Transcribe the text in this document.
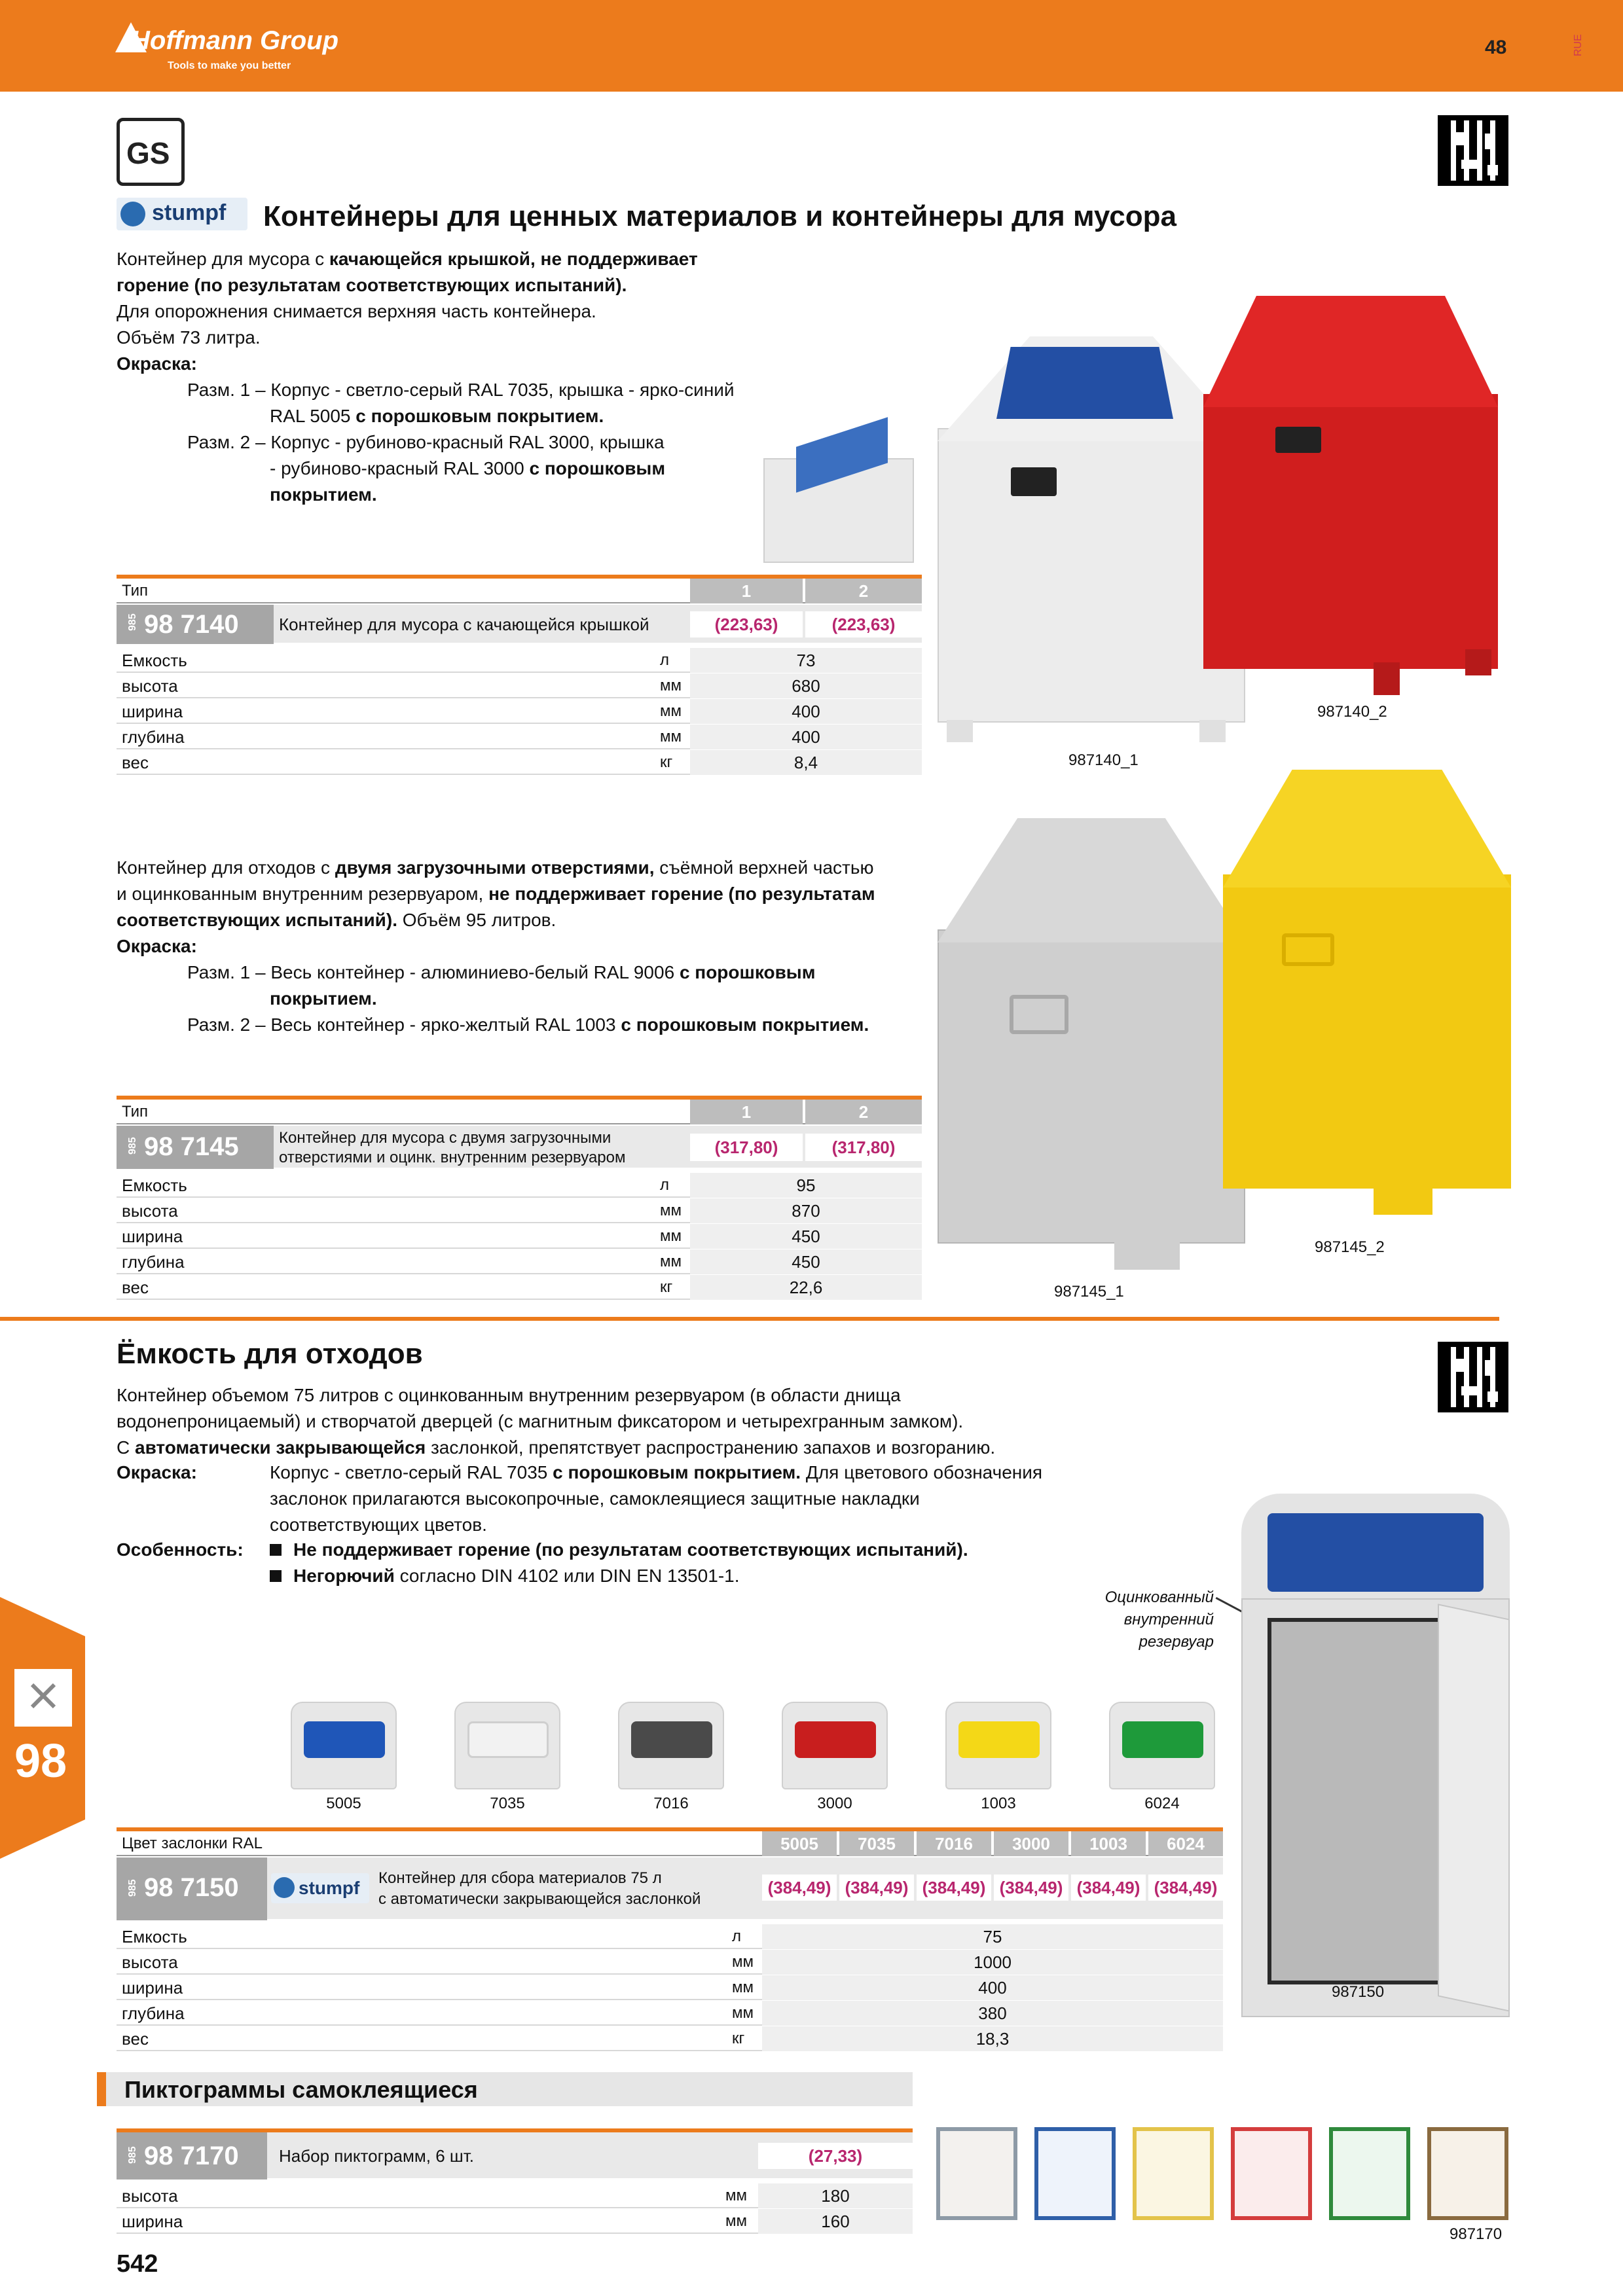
Hoffmann Group
Tools to make you better
48	RUE
GS
stumpf Контейнеры для ценных материалов и контейнеры для мусора
Контейнер для мусора с качающейся крышкой, не поддерживает
горение (по результатам соответствующих испытаний).
Для опорожнения снимается верхняя часть контейнера.
Объём 73 литра.
Окраска:
Разм. 1 – Корпус - светло-серый RAL 7035, крышка - ярко-синий
RAL 5005 с порошковым покрытием.
Разм. 2 – Корпус - рубиново-красный RAL 3000, крышка
- рубиново-красный RAL 3000 с порошковым
покрытием.
Тип	1	2
985 98 7140 Контейнер для мусора с качающейся крышкой	(223,63)	(223,63)
Емкость	л	73
высота	мм	680
ширина	мм	400
глубина	мм	400
вес	кг	8,4
987140_2
987140_1
Контейнер для отходов с двумя загрузочными отверстиями, съёмной верхней частью
и оцинкованным внутренним резервуаром, не поддерживает горение (по результатам
соответствующих испытаний). Объём 95 литров.
Окраска:
Разм. 1 – Весь контейнер - алюминиево-белый RAL 9006 с порошковым
покрытием.
Разм. 2 – Весь контейнер - ярко-желтый RAL 1003 с порошковым покрытием.
Тип	1	2
985 98 7145	Контейнер для мусора с двумя загрузочными
отверстиями и оцинк. внутренним резервуаром
(317,80)	(317,80)
Емкость	л	95
высота	мм	870
ширина	мм	450
глубина	мм	450
вес	кг	22,6
987145_2
987145_1
Ёмкость для отходов
Контейнер объемом 75 литров с оцинкованным внутренним резервуаром (в области днища
водонепроницаемый) и створчатой дверцей (с магнитным фиксатором и четырехгранным замком).
С автоматически закрывающейся заслонкой, препятствует распространению запахов и возгоранию.
Окраска:	Корпус - светло-серый RAL 7035 с порошковым покрытием. Для цветового обозначения
заслонок прилагаются высокопрочные, самоклеящиеся защитные накладки
соответствующих цветов.
Особенность:	Не поддерживает горение (по результатам соответствующих испытаний).
Негорючий согласно DIN 4102 или DIN EN 13501-1.
Оцинкованный
внутренний
резервуар
987150
5005	7035	7016	3000	1003	6024
Цвет заслонки RAL	5005	7035	7016	3000	1003	6024
985 98 7150	stumpf Контейнер для сбора материалов 75 л
с автоматически закрывающейся заслонкой
(384,49) (384,49) (384,49) (384,49) (384,49) (384,49)
Емкость	л	75
высота	мм	1000
ширина	мм	400
глубина	мм	380
вес	кг	18,3
Пиктограммы самоклеящиеся
985 98 7170 Набор пиктограмм, 6 шт.	(27,33)
высота	мм	180
ширина	мм	160
987170
98
542
